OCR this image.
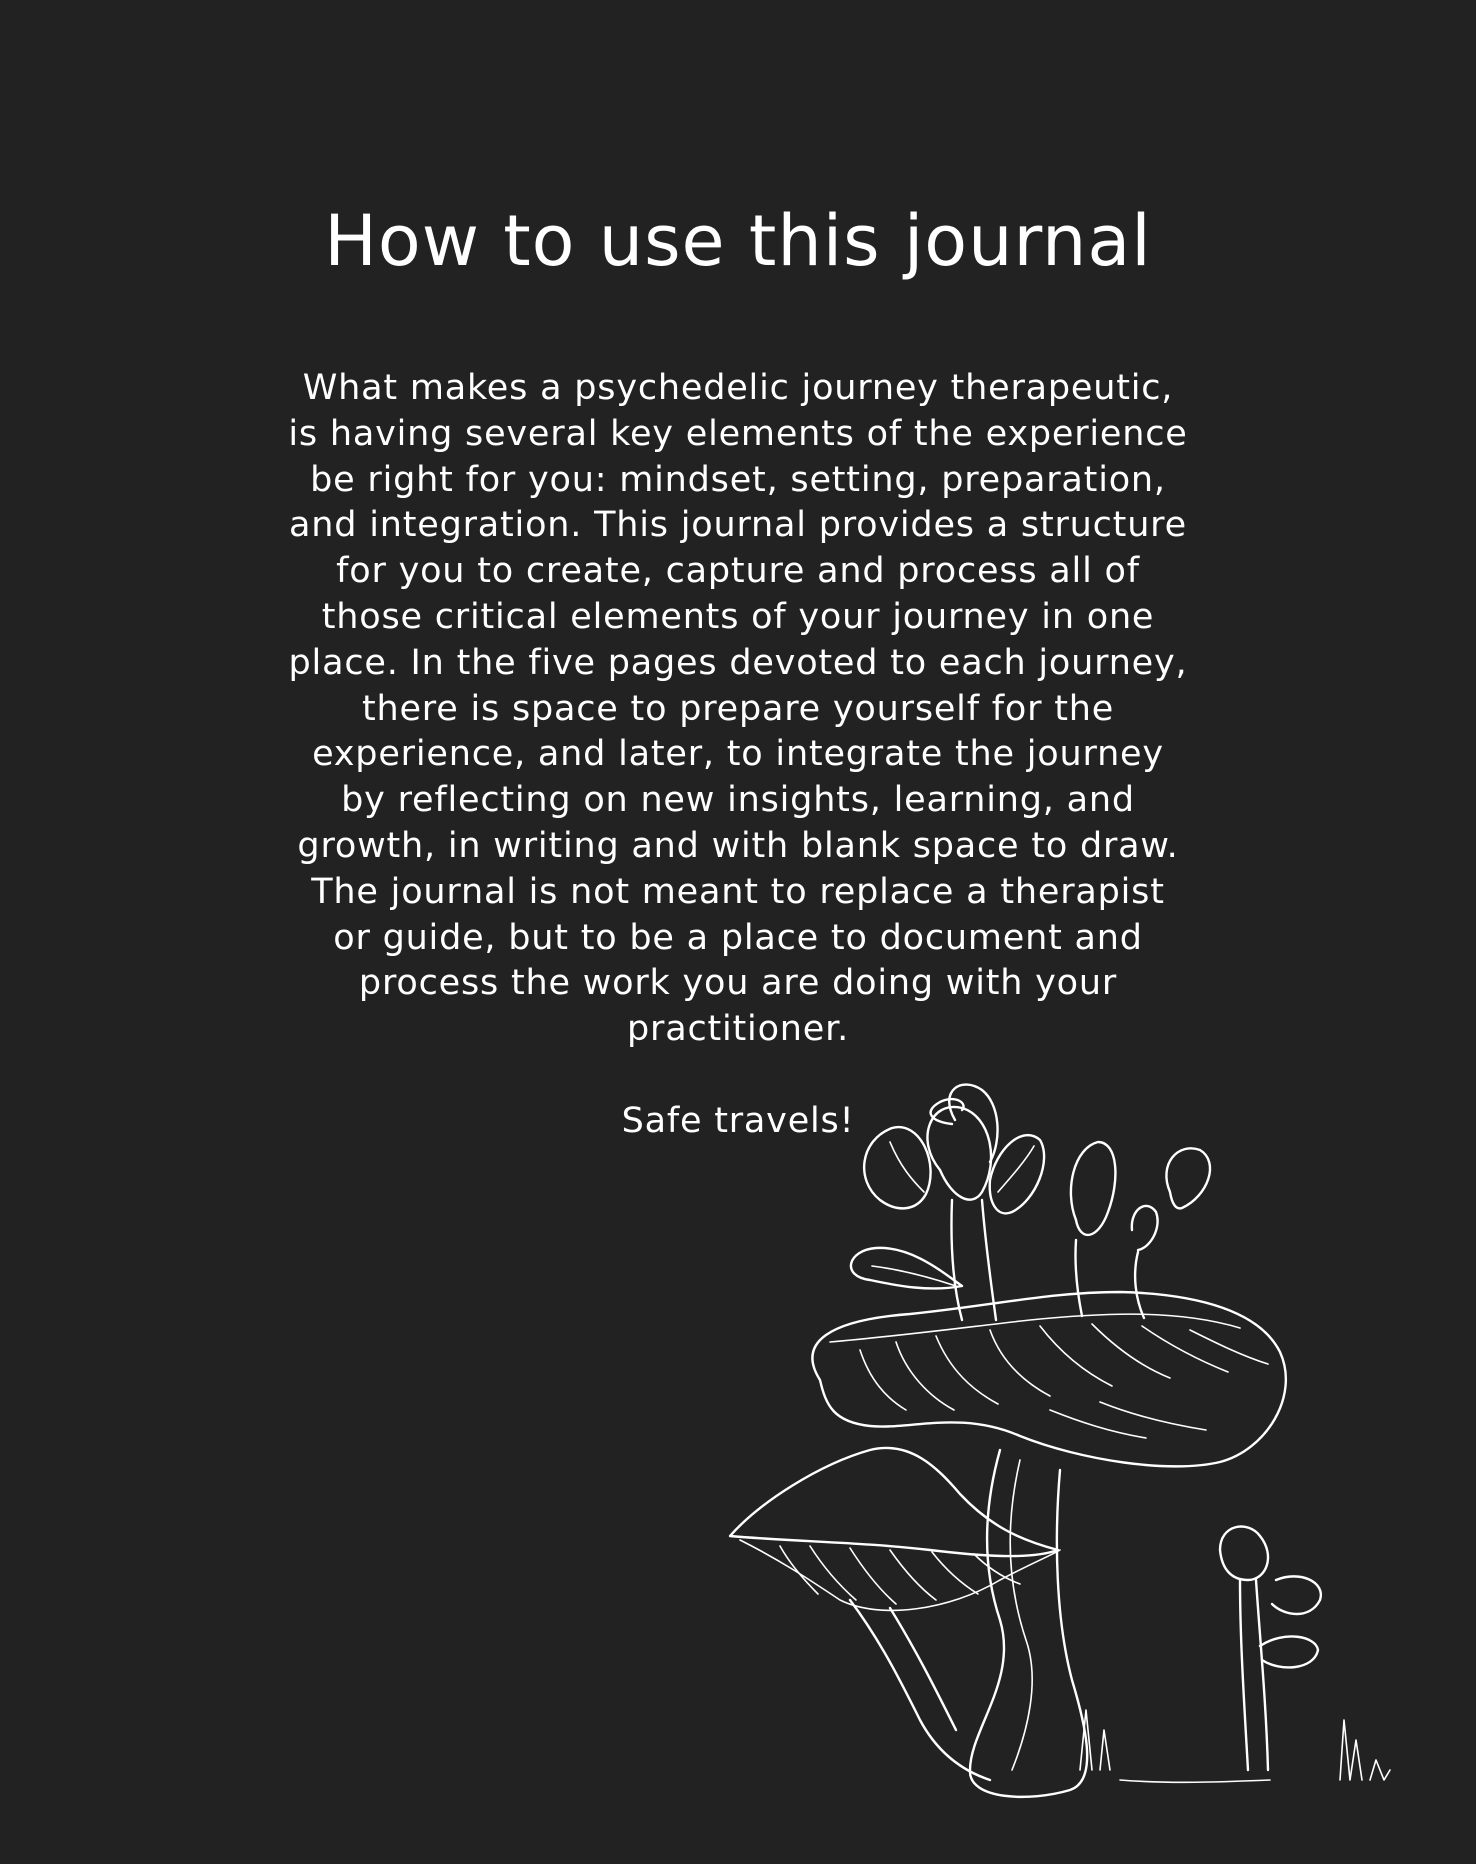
How to use this journal

What makes a psychedelic journey therapeutic,
is having several key elements of the experience
be right for you: mindset, setting, preparation,
and integration. This journal provides a structure
for you to create, capture and process all of
those critical elements of your journey in one
place. In the five pages devoted to each journey,
there is space to prepare yourself for the
experience, and later, to integrate the journey
by reflecting on new insights, learning, and
growth, in writing and with blank space to draw.
The journal is not meant to replace a therapist
or guide, but to be a place to document and
process the work you are doing with your
practitioner.

Safe travels!
